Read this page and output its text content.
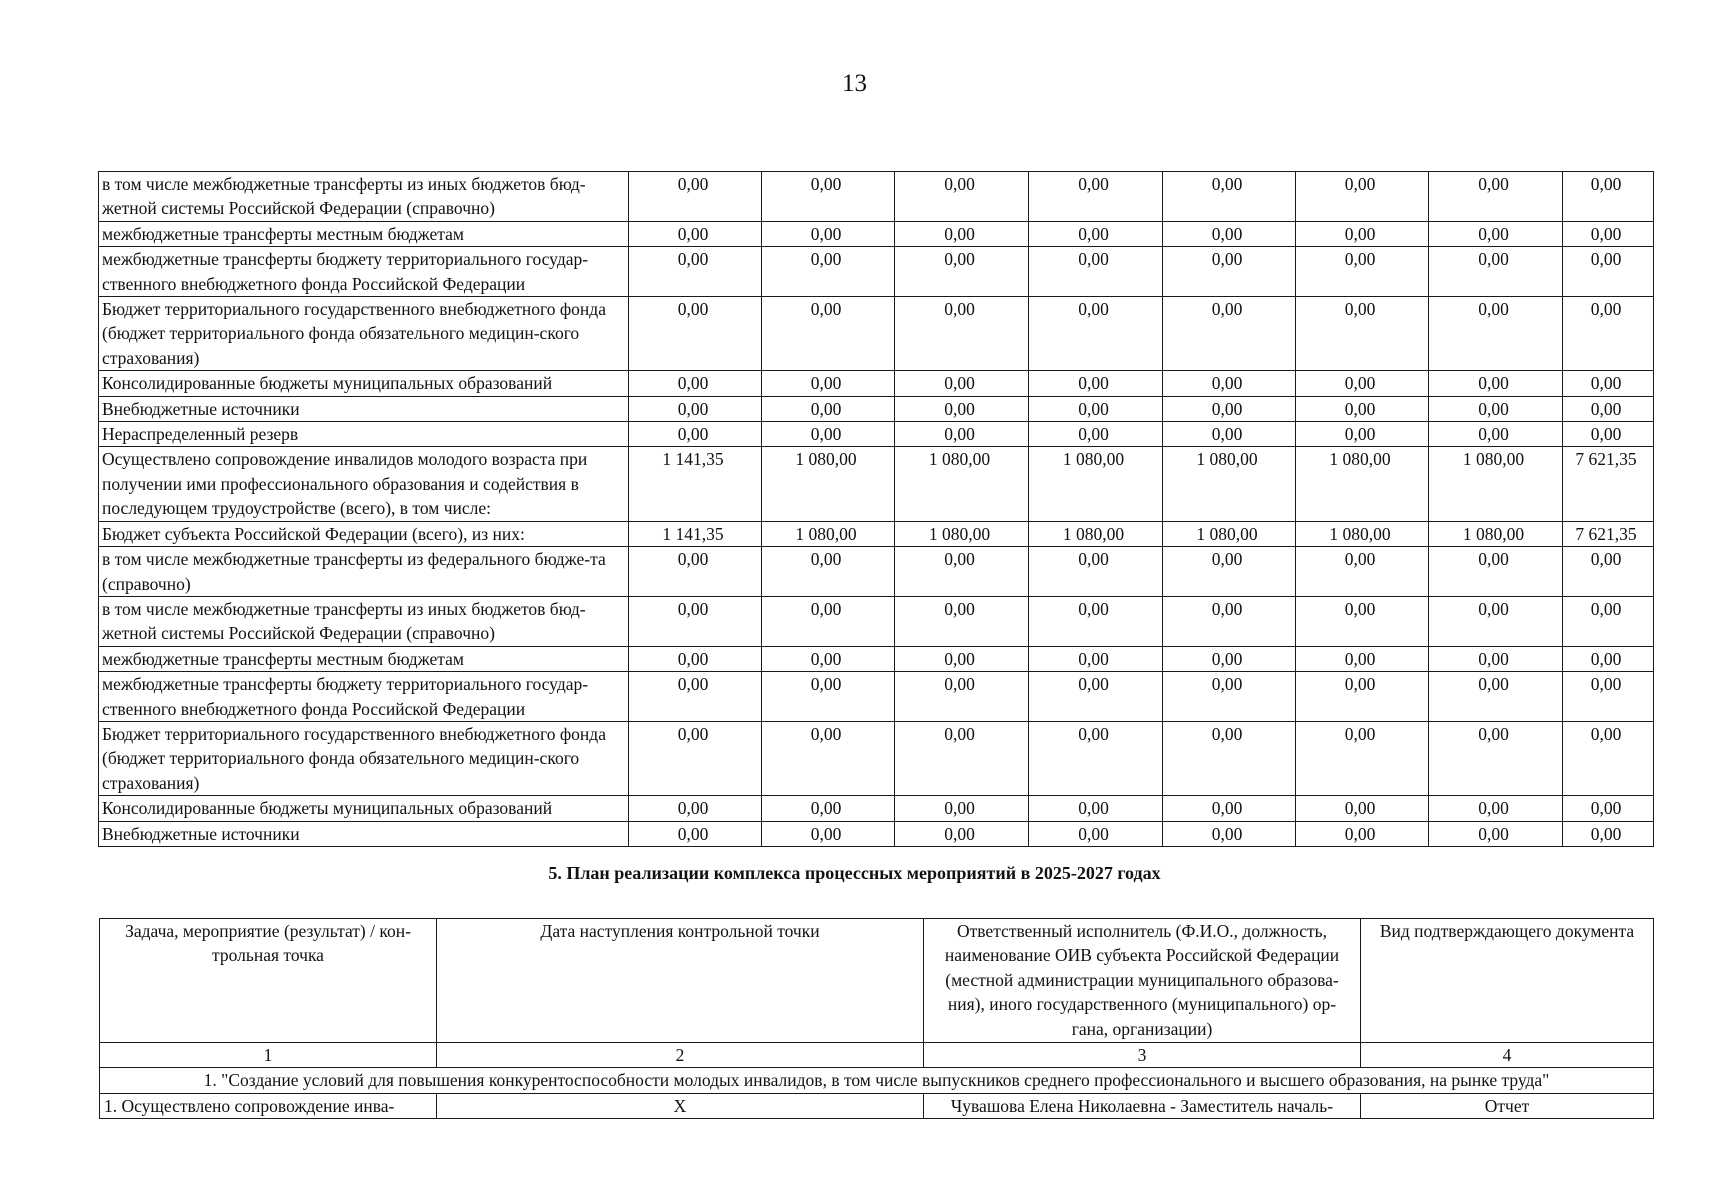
13
в том числе межбюджетные трансферты из иных бюджетов бюд-жетной системы Российской Федерации (справочно)	0,00	0,00	0,00	0,00	0,00	0,00	0,00	0,00
межбюджетные трансферты местным бюджетам	0,00	0,00	0,00	0,00	0,00	0,00	0,00	0,00
межбюджетные трансферты бюджету территориального государ-ственного внебюджетного фонда Российской Федерации	0,00	0,00	0,00	0,00	0,00	0,00	0,00	0,00
Бюджет территориального государственного внебюджетного фонда (бюджет территориального фонда обязательного медицин-ского страхования)	0,00	0,00	0,00	0,00	0,00	0,00	0,00	0,00
Консолидированные бюджеты муниципальных образований	0,00	0,00	0,00	0,00	0,00	0,00	0,00	0,00
Внебюджетные источники	0,00	0,00	0,00	0,00	0,00	0,00	0,00	0,00
Нераспределенный резерв	0,00	0,00	0,00	0,00	0,00	0,00	0,00	0,00
Осуществлено сопровождение инвалидов молодого возраста при получении ими профессионального образования и содействия в последующем трудоустройстве (всего), в том числе:	1 141,35	1 080,00	1 080,00	1 080,00	1 080,00	1 080,00	1 080,00	7 621,35
Бюджет субъекта Российской Федерации (всего), из них:	1 141,35	1 080,00	1 080,00	1 080,00	1 080,00	1 080,00	1 080,00	7 621,35
в том числе межбюджетные трансферты из федерального бюдже-та (справочно)	0,00	0,00	0,00	0,00	0,00	0,00	0,00	0,00
в том числе межбюджетные трансферты из иных бюджетов бюд-жетной системы Российской Федерации (справочно)	0,00	0,00	0,00	0,00	0,00	0,00	0,00	0,00
межбюджетные трансферты местным бюджетам	0,00	0,00	0,00	0,00	0,00	0,00	0,00	0,00
межбюджетные трансферты бюджету территориального государ-ственного внебюджетного фонда Российской Федерации	0,00	0,00	0,00	0,00	0,00	0,00	0,00	0,00
Бюджет территориального государственного внебюджетного фонда (бюджет территориального фонда обязательного медицин-ского страхования)	0,00	0,00	0,00	0,00	0,00	0,00	0,00	0,00
Консолидированные бюджеты муниципальных образований	0,00	0,00	0,00	0,00	0,00	0,00	0,00	0,00
Внебюджетные источники	0,00	0,00	0,00	0,00	0,00	0,00	0,00	0,00
5. План реализации комплекса процессных мероприятий в 2025-2027 годах
Задача, мероприятие (результат) / кон-трольная точка	Дата наступления контрольной точки	Ответственный исполнитель (Ф.И.О., должность, наименование ОИВ субъекта Российской Федерации (местной администрации муниципального образова-ния), иного государственного (муниципального) ор-гана, организации)	Вид подтверждающего документа
1	2	3	4
1. "Создание условий для повышения конкурентоспособности молодых инвалидов, в том числе выпускников среднего профессионального и высшего образования, на рынке труда"			
1. Осуществлено сопровождение инва-	Х	Чувашова Елена Николаевна - Заместитель началь-	Отчет
